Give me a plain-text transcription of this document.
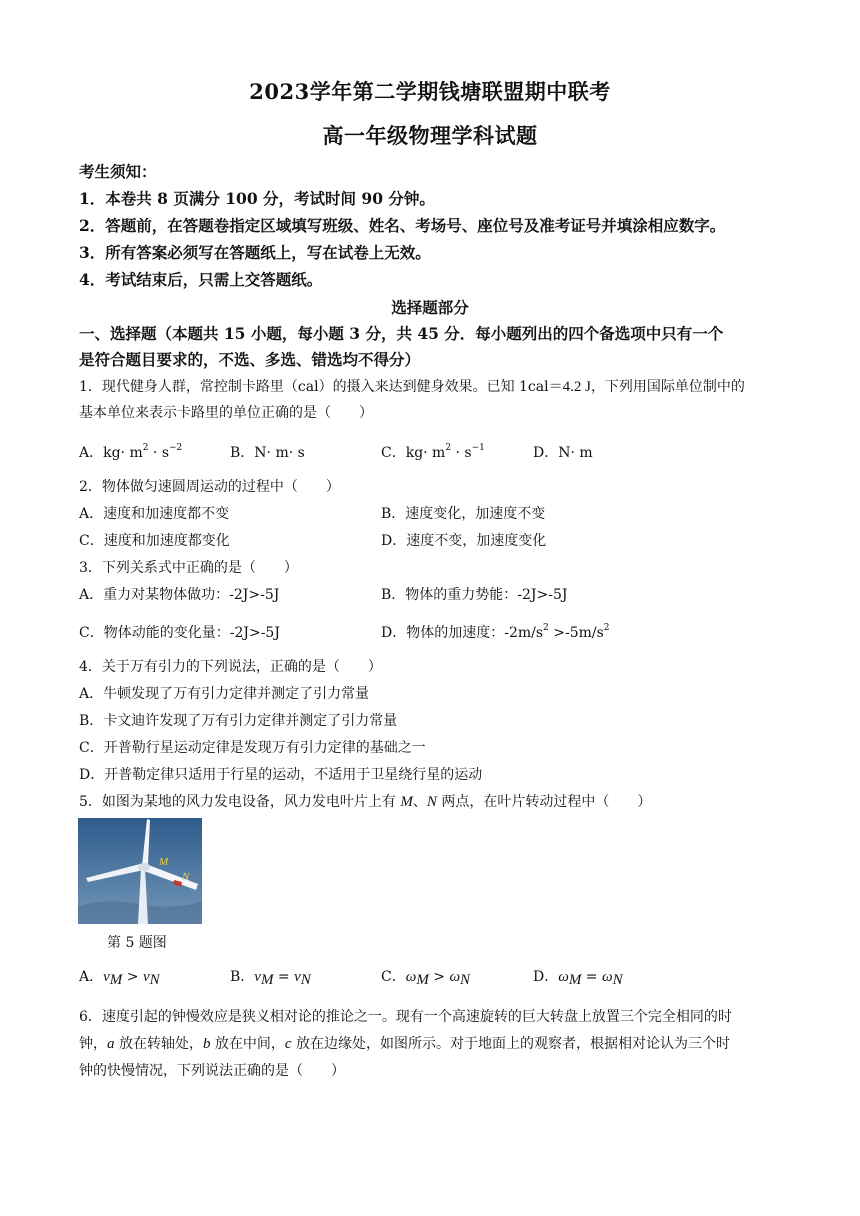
2023学年第二学期钱塘联盟期中联考
高一年级物理学科试题
考生须知：
1．本卷共 8 页满分 100 分，考试时间 90 分钟。
2．答题前，在答题卷指定区域填写班级、姓名、考场号、座位号及准考证号并填涂相应数字。
3．所有答案必须写在答题纸上，写在试卷上无效。
4．考试结束后，只需上交答题纸。
选择题部分
一、选择题（本题共 15 小题，每小题 3 分，共 45 分．每小题列出的四个备选项中只有一个
是符合题目要求的，不选、多选、错选均不得分）
1．现代健身人群，常控制卡路里（cal）的摄入来达到健身效果。已知 1cal＝4.2 J，下列用国际单位制中的
基本单位来表示卡路里的单位正确的是（　　）
A．$kg\cdot m^2 \cdot s^{-2}$	B．N· m· s	C．$kg\cdot m^2 \cdot s^{-1}$	D．N· m
2．物体做匀速圆周运动的过程中（　　）
A．速度和加速度都不变	B．速度变化，加速度不变
C．速度和加速度都变化	D．速度不变，加速度变化
3．下列关系式中正确的是（　　）
A．重力对某物体做功：-2J>-5J	B．物体的重力势能：-2J>-5J
C．物体动能的变化量：-2J>-5J	D．物体的加速度：$-2m/s^2 >-5m/s^2$
4．关于万有引力的下列说法，正确的是（　　）
A．牛顿发现了万有引力定律并测定了引力常量
B．卡文迪许发现了万有引力定律并测定了引力常量
C．开普勒行星运动定律是发现万有引力定律的基础之一
D．开普勒定律只适用于行星的运动，不适用于卫星绕行星的运动
5．如图为某地的风力发电设备，风力发电叶片上有 M、N 两点，在叶片转动过程中（　　）
M
N
第 5 题图
A．$v_M > v_N$	B．$v_M = v_N$	C．$\omega_M > \omega_N$	D．$\omega_M = \omega_N$
6．速度引起的钟慢效应是狭义相对论的推论之一。现有一个高速旋转的巨大转盘上放置三个完全相同的时
钟，a 放在转轴处，b 放在中间，c 放在边缘处，如图所示。对于地面上的观察者，根据相对论认为三个时
钟的快慢情况，下列说法正确的是（　　）
